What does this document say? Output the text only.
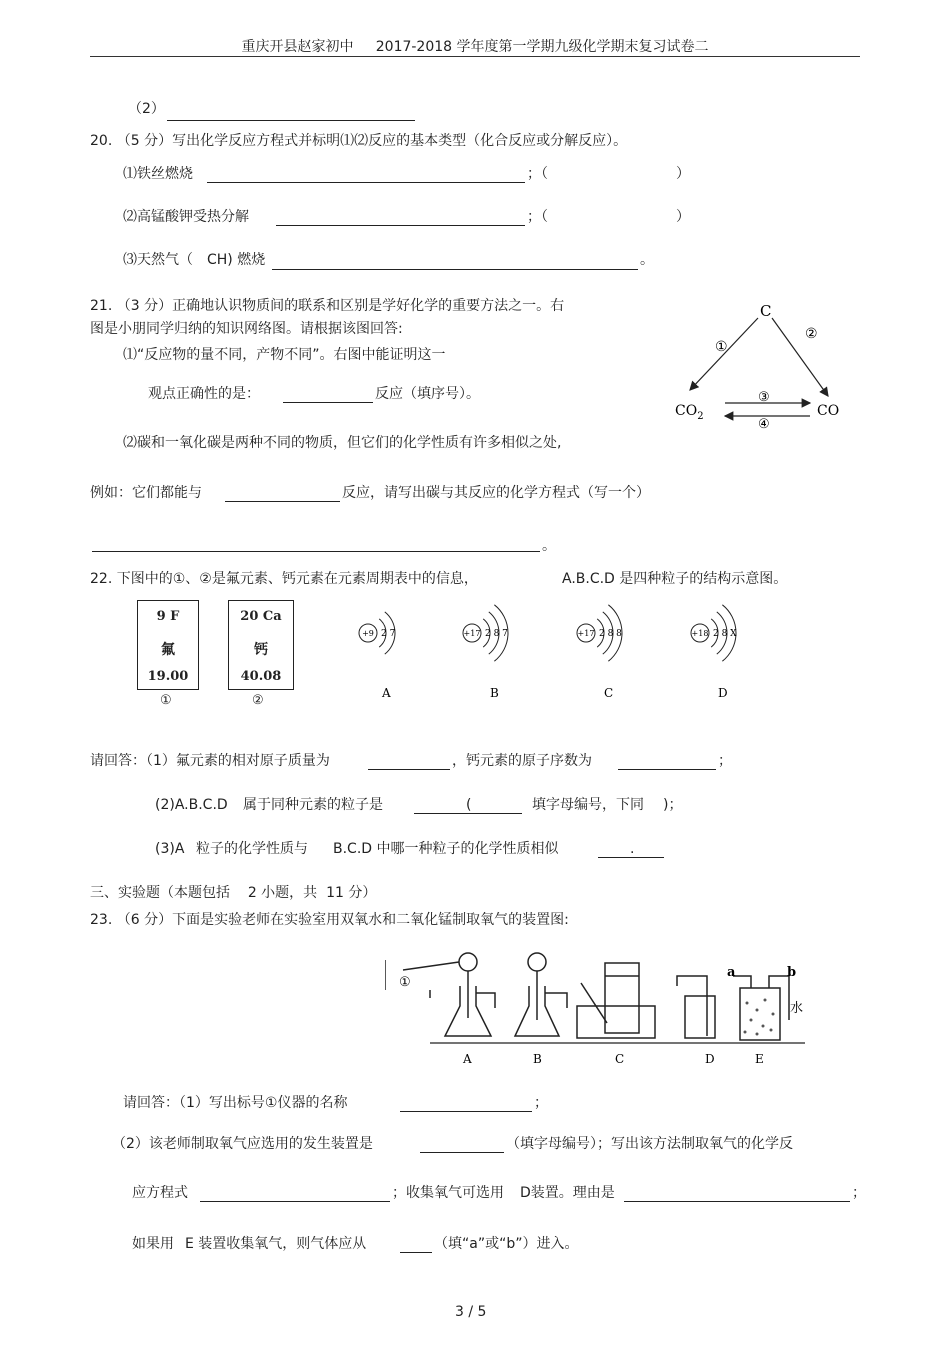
重庆开县赵家初中 2017-2018 学年度第一学期九级化学期末复习试卷二
（2）
20. （5 分）写出化学反应方程式并标明⑴⑵反应的基本类型（化合反应或分解反应）。
⑴铁丝燃烧	；（	）
⑵高锰酸钾受热分解	；（	）
⑶天然气（ CH) 燃烧	。
21. （3 分）正确地认识物质间的联系和区别是学好化学的重要方法之一。右
图是小朋同学归纳的知识网络图。请根据该图回答:
⑴“反应物的量不同，产物不同”。右图中能证明这一
观点正确性的是：	反应（填序号）。
⑵碳和一氧化碳是两种不同的物质，但它们的化学性质有许多相似之处,
例如：它们都能与	反应，请写出碳与其反应的化学方程式（写一个）
。
C
$CO_2$	CO
①
②
③
④
22. 下图中的①、②是氟元素、钙元素在元素周期表中的信息，	A.B.C.D 是四种粒子的结构示意图。
9 F
氟
19.00
①
20 Ca
钙
40.08
②
+9 2 7
A
+17 2 8 7
B
+17 2 8 8
C
+18 2 8 X
D
请回答：（1）氟元素的相对原子质量为	，钙元素的原子序数为	；
(2)A.B.C.D 属于同种元素的粒子是	(	填字母编号，下同 )；
(3)A 粒子的化学性质与 B.C.D 中哪一种粒子的化学性质相似	.
三、实验题（本题包括 2 小题，共 11 分）
23. （6 分）下面是实验老师在实验室用双氧水和二氧化锰制取氧气的装置图:
①
a	b
水
A	B	C	D	E
请回答：（1）写出标号①仪器的名称	；
（2）该老师制取氧气应选用的发生装置是	（填字母编号）；写出该方法制取氧气的化学反
应方程式	；收集氧气可选用 D装置。理由是	；
如果用 E 装置收集氧气，则气体应从	（填“a”或“b”）进入。
3 / 5
